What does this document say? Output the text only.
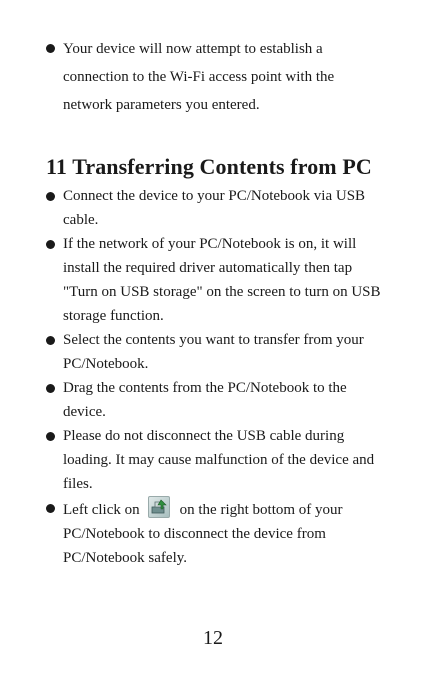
Your device will now attempt to establish a connection to the Wi-Fi access point with the network parameters you entered.
11 Transferring Contents from PC
Connect the device to your PC/Notebook via USB cable.
If the network of your PC/Notebook is on, it will install the required driver automatically then tap "Turn on USB storage" on the screen to turn on USB storage function.
Select the contents you want to transfer from your PC/Notebook.
Drag the contents from the PC/Notebook to the device.
Please do not disconnect the USB cable during loading. It may cause malfunction of the device and files.
Left click on	on the right bottom of your PC/Notebook to disconnect the device from PC/Notebook safely.
12
